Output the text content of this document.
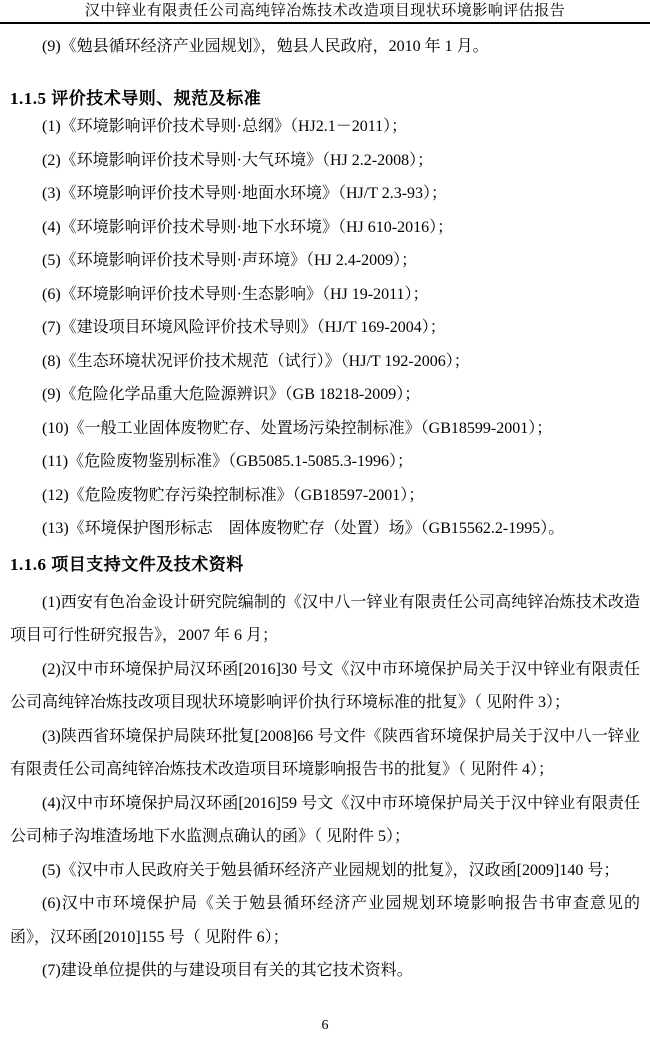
汉中锌业有限责任公司高纯锌冶炼技术改造项目现状环境影响评估报告

(9)《勉县循环经济产业园规划》，勉县人民政府，2010 年 1 月。

1.1.5 评价技术导则、规范及标准

(1)《环境影响评价技术导则·总纲》（HJ2.1－2011）；

(2)《环境影响评价技术导则·大气环境》（HJ 2.2-2008）；

(3)《环境影响评价技术导则·地面水环境》（HJ/T 2.3-93）；

(4)《环境影响评价技术导则·地下水环境》（HJ 610-2016）；

(5)《环境影响评价技术导则·声环境》（HJ 2.4-2009）；

(6)《环境影响评价技术导则·生态影响》（HJ 19-2011）；

(7)《建设项目环境风险评价技术导则》（HJ/T 169-2004）；

(8)《生态环境状况评价技术规范（试行）》（HJ/T 192-2006）；

(9)《危险化学品重大危险源辨识》（GB 18218-2009）；

(10)《一般工业固体废物贮存、处置场污染控制标准》（GB18599-2001）；

(11)《危险废物鉴别标准》（GB5085.1-5085.3-1996）；

(12)《危险废物贮存污染控制标准》（GB18597-2001）；

(13)《环境保护图形标志　固体废物贮存（处置）场》（GB15562.2-1995）。

1.1.6 项目支持文件及技术资料

(1)西安有色冶金设计研究院编制的《汉中八一锌业有限责任公司高纯锌冶炼技术改造项目可行性研究报告》，2007 年 6 月；

(2)汉中市环境保护局汉环函[2016]30 号文《汉中市环境保护局关于汉中锌业有限责任公司高纯锌冶炼技改项目现状环境影响评价执行环境标准的批复》（ 见附件 3）；

(3)陕西省环境保护局陕环批复[2008]66 号文件《陕西省环境保护局关于汉中八一锌业有限责任公司高纯锌冶炼技术改造项目环境影响报告书的批复》（ 见附件 4）；

(4)汉中市环境保护局汉环函[2016]59 号文《汉中市环境保护局关于汉中锌业有限责任公司柿子沟堆渣场地下水监测点确认的函》（ 见附件 5）；

(5)《汉中市人民政府关于勉县循环经济产业园规划的批复》，汉政函[2009]140 号；

(6)汉中市环境保护局《关于勉县循环经济产业园规划环境影响报告书审查意见的函》，汉环函[2010]155 号（ 见附件 6）；

(7)建设单位提供的与建设项目有关的其它技术资料。

6
